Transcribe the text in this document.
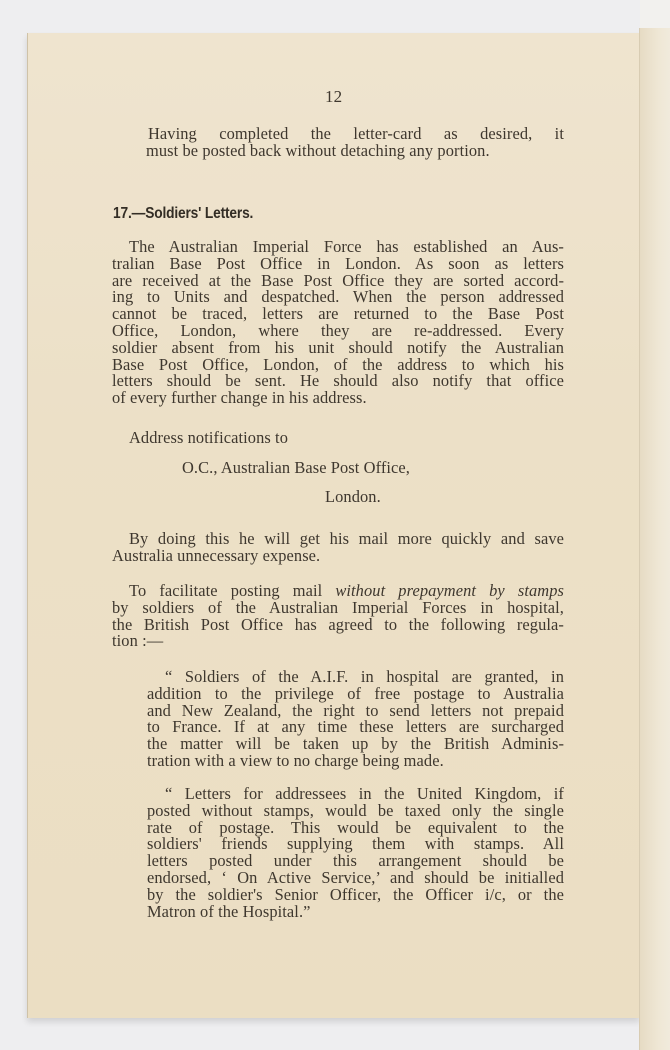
12
Having completed the letter-card as desired, it
must be posted back without detaching any portion.
17.—Soldiers' Letters.
The Australian Imperial Force has established an Aus-
tralian Base Post Office in London. As soon as letters
are received at the Base Post Office they are sorted accord-
ing to Units and despatched. When the person addressed
cannot be traced, letters are returned to the Base Post
Office, London, where they are re-addressed. Every
soldier absent from his unit should notify the Australian
Base Post Office, London, of the address to which his
letters should be sent. He should also notify that office
of every further change in his address.
Address notifications to
O.C., Australian Base Post Office,
London.
By doing this he will get his mail more quickly and save
Australia unnecessary expense.
To facilitate posting mail without prepayment by stamps
by soldiers of the Australian Imperial Forces in hospital,
the British Post Office has agreed to the following regula-
tion :—
“ Soldiers of the A.I.F. in hospital are granted, in
addition to the privilege of free postage to Australia
and New Zealand, the right to send letters not prepaid
to France. If at any time these letters are surcharged
the matter will be taken up by the British Adminis-
tration with a view to no charge being made.
“ Letters for addressees in the United Kingdom, if
posted without stamps, would be taxed only the single
rate of postage. This would be equivalent to the
soldiers' friends supplying them with stamps. All
letters posted under this arrangement should be
endorsed, ‘ On Active Service,’ and should be initialled
by the soldier's Senior Officer, the Officer i/c, or the
Matron of the Hospital.”
